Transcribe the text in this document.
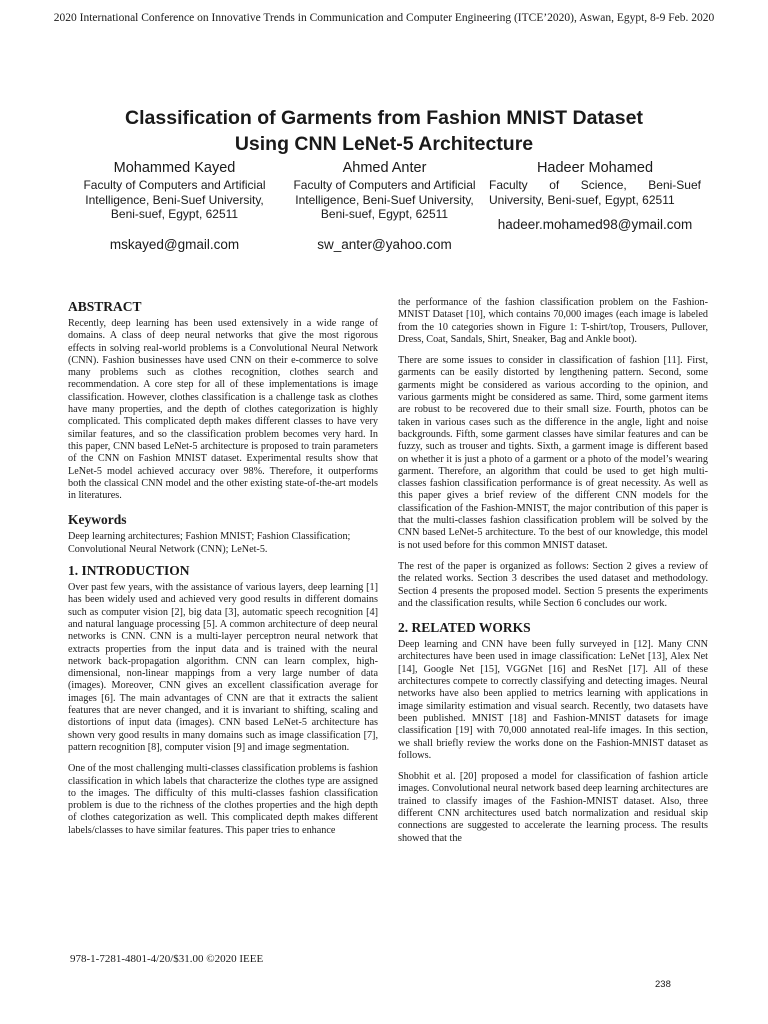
2020 International Conference on Innovative Trends in Communication and Computer Engineering (ITCE’2020), Aswan, Egypt, 8-9 Feb. 2020
Classification of Garments from Fashion MNIST Dataset
Using CNN LeNet-5 Architecture
Mohammed Kayed
Faculty of Computers and Artificial Intelligence, Beni-Suef University, Beni-suef, Egypt, 62511
mskayed@gmail.com
Ahmed Anter
Faculty of Computers and Artificial Intelligence, Beni-Suef University, Beni-suef, Egypt, 62511
sw_anter@yahoo.com
Hadeer Mohamed
Faculty of Science, Beni-Suef University, Beni-suef, Egypt, 62511
hadeer.mohamed98@ymail.com
ABSTRACT

Recently, deep learning has been used extensively in a wide range of domains. A class of deep neural networks that give the most rigorous effects in solving real-world problems is a Convolutional Neural Network (CNN). Fashion businesses have used CNN on their e-commerce to solve many problems such as clothes recognition, clothes search and recommendation. A core step for all of these implementations is image classification. However, clothes classification is a challenge task as clothes have many properties, and the depth of clothes categorization is highly complicated. This complicated depth makes different classes to have very similar features, and so the classification problem becomes very hard. In this paper, CNN based LeNet-5 architecture is proposed to train parameters of the CNN on Fashion MNIST dataset. Experimental results show that LeNet-5 model achieved accuracy over 98%. Therefore, it outperforms both the classical CNN model and the other existing state-of-the-art models in literatures.

Keywords

Deep learning architectures; Fashion MNIST; Fashion Classification; Convolutional Neural Network (CNN); LeNet-5.

1. INTRODUCTION

Over past few years, with the assistance of various layers, deep learning [1] has been widely used and achieved very good results in different domains such as computer vision [2], big data [3], automatic speech recognition [4] and natural language processing [5]. A common architecture of deep neural networks is CNN. CNN is a multi-layer perceptron neural network that extracts properties from the input data and is trained with the neural network back-propagation algorithm. CNN can learn complex, high-dimensional, non-linear mappings from a very large number of data (images). Moreover, CNN gives an excellent classification average for images [6]. The main advantages of CNN are that it extracts the salient features that are never changed, and it is invariant to shifting, scaling and distortions of input data (images). CNN based LeNet-5 architecture has shown very good results in many domains such as image classification [7], pattern recognition [8], computer vision [9] and image segmentation.

One of the most challenging multi-classes classification problems is fashion classification in which labels that characterize the clothes type are assigned to the images. The difficulty of this multi-classes fashion classification problem is due to the richness of the clothes properties and the high depth of clothes categorization as well. This complicated depth makes different labels/classes to have similar features. This paper tries to enhance

the performance of the fashion classification problem on the Fashion-MNIST Dataset [10], which contains 70,000 images (each image is labeled from the 10 categories shown in Figure 1: T-shirt/top, Trousers, Pullover, Dress, Coat, Sandals, Shirt, Sneaker, Bag and Ankle boot).

There are some issues to consider in classification of fashion [11]. First, garments can be easily distorted by lengthening pattern. Second, some garments might be considered as various according to the opinion, and various garments might be considered as same. Third, some garment items are robust to be recovered due to their small size. Fourth, photos can be taken in various cases such as the difference in the angle, light and noise backgrounds. Fifth, some garment classes have similar features and can be fuzzy, such as trouser and tights. Sixth, a garment image is different based on whether it is just a photo of a garment or a photo of the model’s wearing garment. Therefore, an algorithm that could be used to get high multi-classes fashion classification performance is of great necessity. As well as this paper gives a brief review of the different CNN models for the classification of the Fashion-MNIST, the major contribution of this paper is that the multi-classes fashion classification problem will be solved by the CNN based LeNet-5 architecture. To the best of our knowledge, this model is not used before for this common MNIST dataset.

The rest of the paper is organized as follows: Section 2 gives a review of the related works. Section 3 describes the used dataset and methodology. Section 4 presents the proposed model. Section 5 presents the experiments and the classification results, while Section 6 concludes our work.

2. RELATED WORKS

Deep learning and CNN have been fully surveyed in [12]. Many CNN architectures have been used in image classification: LeNet [13], Alex Net [14], Google Net [15], VGGNet [16] and ResNet [17]. All of these architectures compete to correctly classifying and detecting images. Neural networks have also been applied to metrics learning with applications in image similarity estimation and visual search. Recently, two datasets have been published. MNIST [18] and Fashion-MNIST datasets for image classification [19] with 70,000 annotated real-life images. In this section, we shall briefly review the works done on the Fashion-MNIST dataset as follows.

Shobhit et al. [20] proposed a model for classification of fashion article images. Convolutional neural network based deep learning architectures are trained to classify images of the Fashion-MNIST dataset. Also, three different CNN architectures used batch normalization and residual skip connections are suggested to accelerate the learning process. The results showed that the

978-1-7281-4801-4/20/$31.00 ©2020 IEEE
238
